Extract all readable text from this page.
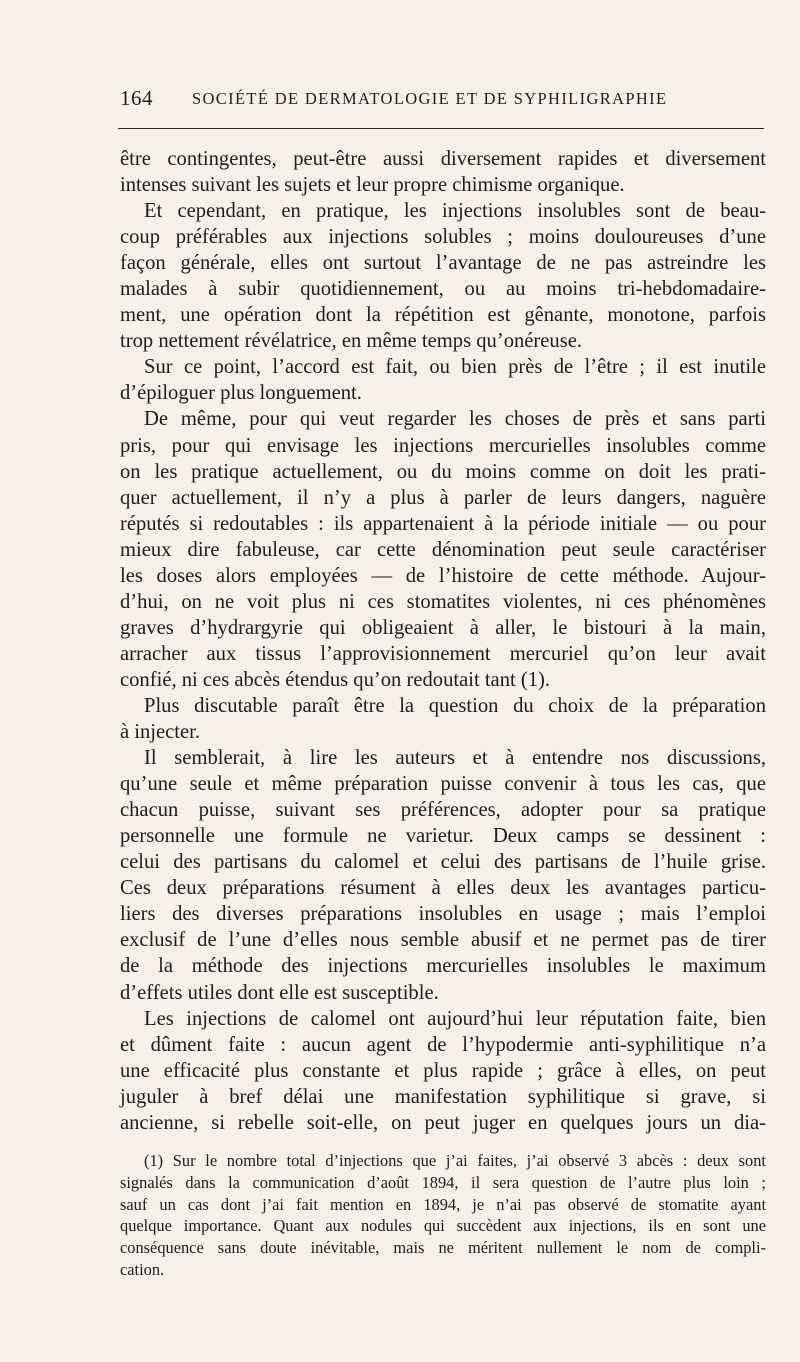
164 SOCIÉTÉ DE DERMATOLOGIE ET DE SYPHILIGRAPHIE
être contingentes, peut-être aussi diversement rapides et diversement
intenses suivant les sujets et leur propre chimisme organique.
Et cependant, en pratique, les injections insolubles sont de beau-
coup préférables aux injections solubles ; moins douloureuses d’une
façon générale, elles ont surtout l’avantage de ne pas astreindre les
malades à subir quotidiennement, ou au moins tri-hebdomadaire-
ment, une opération dont la répétition est gênante, monotone, parfois
trop nettement révélatrice, en même temps qu’onéreuse.
Sur ce point, l’accord est fait, ou bien près de l’être ; il est inutile
d’épiloguer plus longuement.
De même, pour qui veut regarder les choses de près et sans parti
pris, pour qui envisage les injections mercurielles insolubles comme
on les pratique actuellement, ou du moins comme on doit les prati-
quer actuellement, il n’y a plus à parler de leurs dangers, naguère
réputés si redoutables : ils appartenaient à la période initiale — ou pour
mieux dire fabuleuse, car cette dénomination peut seule caractériser
les doses alors employées — de l’histoire de cette méthode. Aujour-
d’hui, on ne voit plus ni ces stomatites violentes, ni ces phénomènes
graves d’hydrargyrie qui obligeaient à aller, le bistouri à la main,
arracher aux tissus l’approvisionnement mercuriel qu’on leur avait
confié, ni ces abcès étendus qu’on redoutait tant (1).
Plus discutable paraît être la question du choix de la préparation
à injecter.
Il semblerait, à lire les auteurs et à entendre nos discussions,
qu’une seule et même préparation puisse convenir à tous les cas, que
chacun puisse, suivant ses préférences, adopter pour sa pratique
personnelle une formule ne varietur. Deux camps se dessinent :
celui des partisans du calomel et celui des partisans de l’huile grise.
Ces deux préparations résument à elles deux les avantages particu-
liers des diverses préparations insolubles en usage ; mais l’emploi
exclusif de l’une d’elles nous semble abusif et ne permet pas de tirer
de la méthode des injections mercurielles insolubles le maximum
d’effets utiles dont elle est susceptible.
Les injections de calomel ont aujourd’hui leur réputation faite, bien
et dûment faite : aucun agent de l’hypodermie anti-syphilitique n’a
une efficacité plus constante et plus rapide ; grâce à elles, on peut
juguler à bref délai une manifestation syphilitique si grave, si
ancienne, si rebelle soit-elle, on peut juger en quelques jours un dia-
(1) Sur le nombre total d’injections que j’ai faites, j’ai observé 3 abcès : deux sont
signalés dans la communication d’août 1894, il sera question de l’autre plus loin ;
sauf un cas dont j’ai fait mention en 1894, je n’ai pas observé de stomatite ayant
quelque importance. Quant aux nodules qui succèdent aux injections, ils en sont une
conséquence sans doute inévitable, mais ne méritent nullement le nom de compli-
cation.
